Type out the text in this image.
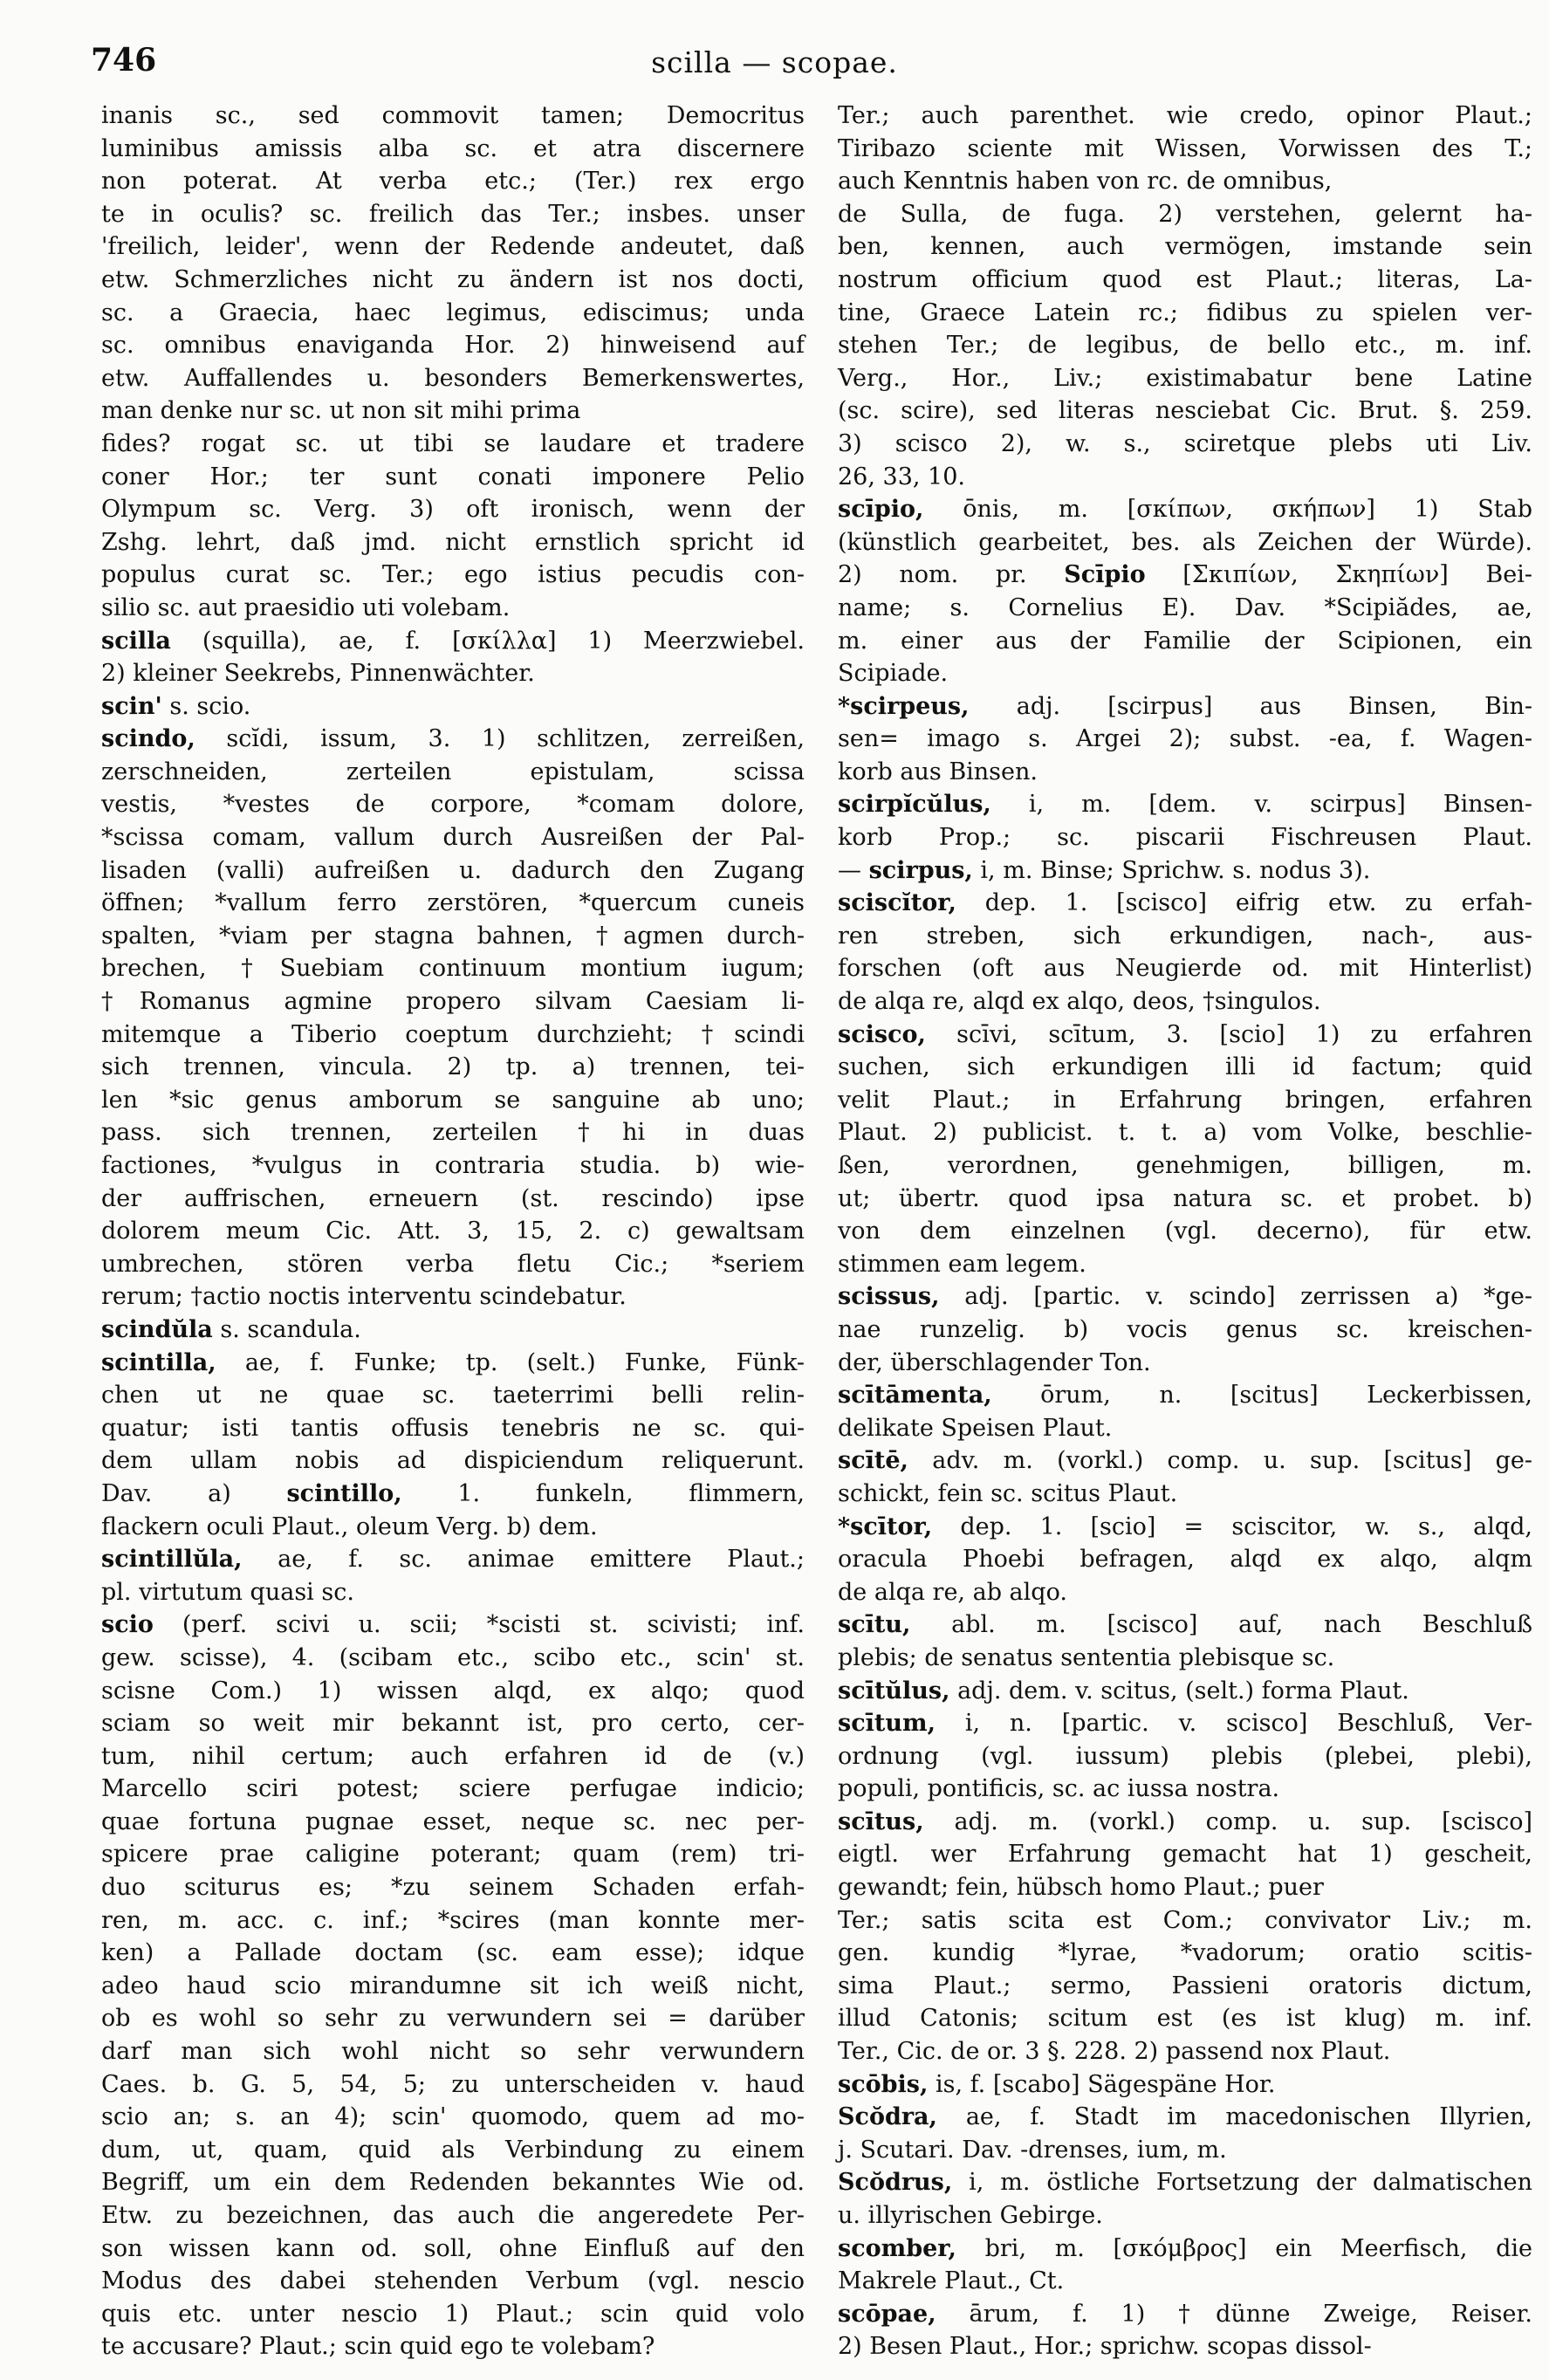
746	scilla — scopae.
inanis sc., sed commovit tamen; Democritus
luminibus amissis alba sc. et atra discernere
non poterat. At verba etc.; (Ter.) rex ergo
te in oculis? sc. freilich das Ter.; insbes. unser
'freilich, leider', wenn der Redende andeutet, daß
etw. Schmerzliches nicht zu ändern ist nos docti,
sc. a Graecia, haec legimus, ediscimus; unda
sc. omnibus enaviganda Hor. 2) hinweisend auf
etw. Auffallendes u. besonders Bemerkenswertes,
man denke nur sc. ut non sit mihi prima
fides? rogat sc. ut tibi se laudare et tradere
coner Hor.; ter sunt conati imponere Pelio
Olympum sc. Verg. 3) oft ironisch, wenn der
Zshg. lehrt, daß jmd. nicht ernstlich spricht id
populus curat sc. Ter.; ego istius pecudis con-
silio sc. aut praesidio uti volebam.
scilla (squilla), ae, f. [σκίλλα] 1) Meerzwiebel.
2) kleiner Seekrebs, Pinnenwächter.
scin' s. scio.
scindo, scĭdi, issum, 3. 1) schlitzen, zerreißen,
zerschneiden, zerteilen epistulam, scissa
vestis, *vestes de corpore, *comam dolore,
*scissa comam, vallum durch Ausreißen der Pal-
lisaden (valli) aufreißen u. dadurch den Zugang
öffnen; *vallum ferro zerstören, *quercum cuneis
spalten, *viam per stagna bahnen, †agmen durch-
brechen, †Suebiam continuum montium iugum;
†Romanus agmine propero silvam Caesiam li-
mitemque a Tiberio coeptum durchzieht; †scindi
sich trennen, vincula. 2) tp. a) trennen, tei-
len *sic genus amborum se sanguine ab uno;
pass. sich trennen, zerteilen †hi in duas
factiones, *vulgus in contraria studia. b) wie-
der auffrischen, erneuern (st. rescindo) ipse
dolorem meum Cic. Att. 3, 15, 2. c) gewaltsam
umbrechen, stören verba fletu Cic.; *seriem
rerum; †actio noctis interventu scindebatur.
scindŭla s. scandula.
scintilla, ae, f. Funke; tp. (selt.) Funke, Fünk-
chen ut ne quae sc. taeterrimi belli relin-
quatur; isti tantis offusis tenebris ne sc. qui-
dem ullam nobis ad dispiciendum reliquerunt.
Dav. a) scintillo, 1. funkeln, flimmern,
flackern oculi Plaut., oleum Verg. b) dem.
scintillŭla, ae, f. sc. animae emittere Plaut.;
pl. virtutum quasi sc.
scio (perf. scivi u. scii; *scisti st. scivisti; inf.
gew. scisse), 4. (scibam etc., scibo etc., scin' st.
scisne Com.) 1) wissen alqd, ex alqo; quod
sciam so weit mir bekannt ist, pro certo, cer-
tum, nihil certum; auch erfahren id de (v.)
Marcello sciri potest; sciere perfugae indicio;
quae fortuna pugnae esset, neque sc. nec per-
spicere prae caligine poterant; quam (rem) tri-
duo sciturus es; *zu seinem Schaden erfah-
ren, m. acc. c. inf.; *scires (man konnte mer-
ken) a Pallade doctam (sc. eam esse); idque
adeo haud scio mirandumne sit ich weiß nicht,
ob es wohl so sehr zu verwundern sei = darüber
darf man sich wohl nicht so sehr verwundern
Caes. b. G. 5, 54, 5; zu unterscheiden v. haud
scio an; s. an 4); scin' quomodo, quem ad mo-
dum, ut, quam, quid als Verbindung zu einem
Begriff, um ein dem Redenden bekanntes Wie od.
Etw. zu bezeichnen, das auch die angeredete Per-
son wissen kann od. soll, ohne Einfluß auf den
Modus des dabei stehenden Verbum (vgl. nescio
quis etc. unter nescio 1) Plaut.; scin quid volo
te accusare? Plaut.; scin quid ego te volebam?
Ter.; auch parenthet. wie credo, opinor Plaut.;
Tiribazo sciente mit Wissen, Vorwissen des T.;
auch Kenntnis haben von rc. de omnibus,
de Sulla, de fuga. 2) verstehen, gelernt ha-
ben, kennen, auch vermögen, imstande sein
nostrum officium quod est Plaut.; literas, La-
tine, Graece Latein rc.; fidibus zu spielen ver-
stehen Ter.; de legibus, de bello etc., m. inf.
Verg., Hor., Liv.; existimabatur bene Latine
(sc. scire), sed literas nesciebat Cic. Brut. §. 259.
3) scisco 2), w. s., sciretque plebs uti Liv.
26, 33, 10.
scīpio, ōnis, m. [σκίπων, σκήπων] 1) Stab
(künstlich gearbeitet, bes. als Zeichen der Würde).
2) nom. pr. Scīpio [Σκιπίων, Σκηπίων] Bei-
name; s. Cornelius E). Dav. *Scipiădes, ae,
m. einer aus der Familie der Scipionen, ein
Scipiade.
*scirpeus, adj. [scirpus] aus Binsen, Bin-
sen= imago s. Argei 2); subst. -ea, f. Wagen-
korb aus Binsen.
scirpĭcŭlus, i, m. [dem. v. scirpus] Binsen-
korb Prop.; sc. piscarii Fischreusen Plaut.
— scirpus, i, m. Binse; Sprichw. s. nodus 3).
sciscĭtor, dep. 1. [scisco] eifrig etw. zu erfah-
ren streben, sich erkundigen, nach-, aus-
forschen (oft aus Neugierde od. mit Hinterlist)
de alqa re, alqd ex alqo, deos, †singulos.
scisco, scīvi, scītum, 3. [scio] 1) zu erfahren
suchen, sich erkundigen illi id factum; quid
velit Plaut.; in Erfahrung bringen, erfahren
Plaut. 2) publicist. t. t. a) vom Volke, beschlie-
ßen, verordnen, genehmigen, billigen, m.
ut; übertr. quod ipsa natura sc. et probet. b)
von dem einzelnen (vgl. decerno), für etw.
stimmen eam legem.
scissus, adj. [partic. v. scindo] zerrissen a) *ge-
nae runzelig. b) vocis genus sc. kreischen-
der, überschlagender Ton.
scītāmenta, ōrum, n. [scitus] Leckerbissen,
delikate Speisen Plaut.
scītē, adv. m. (vorkl.) comp. u. sup. [scitus] ge-
schickt, fein sc. scitus Plaut.
*scītor, dep. 1. [scio] = sciscitor, w. s., alqd,
oracula Phoebi befragen, alqd ex alqo, alqm
de alqa re, ab alqo.
scītu, abl. m. [scisco] auf, nach Beschluß
plebis; de senatus sententia plebisque sc.
scītŭlus, adj. dem. v. scitus, (selt.) forma Plaut.
scītum, i, n. [partic. v. scisco] Beschluß, Ver-
ordnung (vgl. iussum) plebis (plebei, plebi),
populi, pontificis, sc. ac iussa nostra.
scītus, adj. m. (vorkl.) comp. u. sup. [scisco]
eigtl. wer Erfahrung gemacht hat 1) gescheit,
gewandt; fein, hübsch homo Plaut.; puer
Ter.; satis scita est Com.; convivator Liv.; m.
gen. kundig *lyrae, *vadorum; oratio scitis-
sima Plaut.; sermo, Passieni oratoris dictum,
illud Catonis; scitum est (es ist klug) m. inf.
Ter., Cic. de or. 3 §. 228. 2) passend nox Plaut.
scōbis, is, f. [scabo] Sägespäne Hor.
Scŏdra, ae, f. Stadt im macedonischen Illyrien,
j. Scutari. Dav. -drenses, ium, m.
Scŏdrus, i, m. östliche Fortsetzung der dalmatischen
u. illyrischen Gebirge.
scomber, bri, m. [σκόμβρος] ein Meerfisch, die
Makrele Plaut., Ct.
scōpae, ārum, f. 1) †dünne Zweige, Reiser.
2) Besen Plaut., Hor.; sprichw. scopas dissol-
